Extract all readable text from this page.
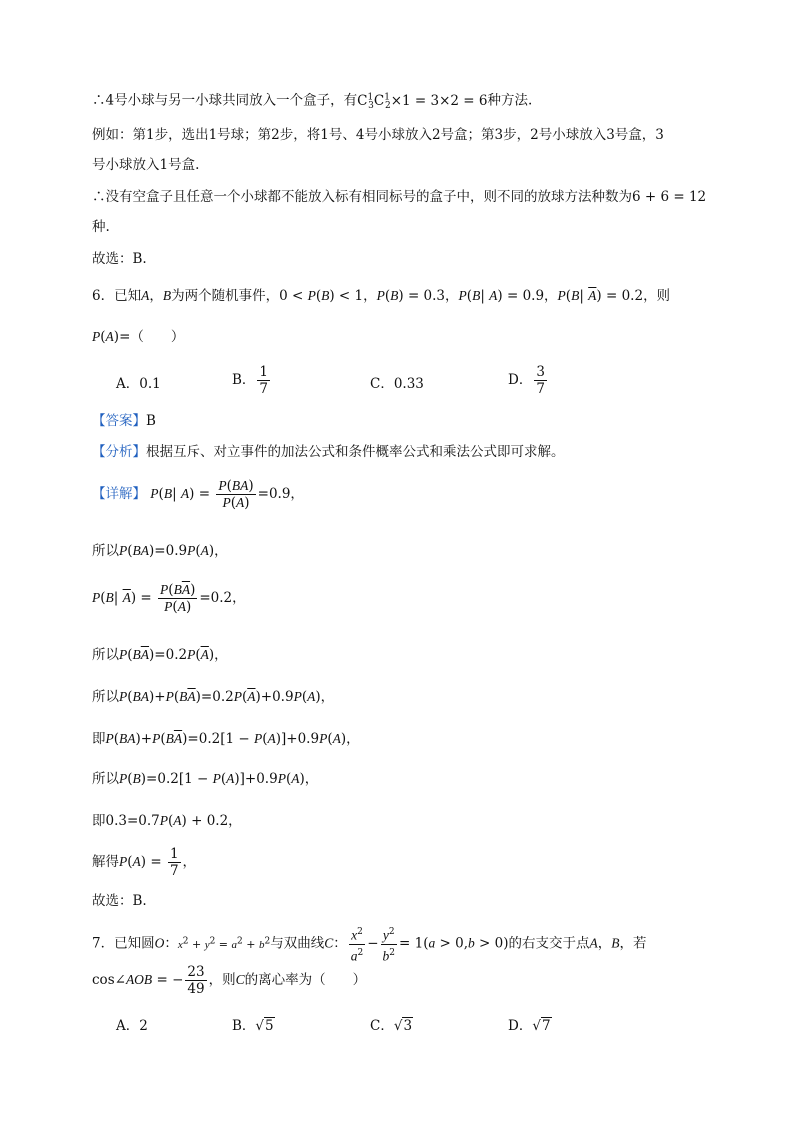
∴4号小球与另一小球共同放入一个盒子，有$C^1_3C^1_2\times 1 = 3\times 2 = 6$种方法.
例如：第1步，选出1号球；第2步，将1号、4号小球放入2号盒；第3步，2号小球放入3号盒，3
号小球放入1号盒.
∴没有空盒子且任意一个小球都不能放入标有相同标号的盒子中，则不同的放球方法种数为6 + 6 = 12
种.
故选：B.
6．已知A，B为两个随机事件，0 < P(B) < 1，P(B) = 0.3，P(B| A) = 0.9，P(B| $\overline{A}) = 0.2$，则
P(A)=（　　）
A．0.1	B． $\frac{1}{7}$	C．0.33	D． $\frac{3}{7}$
【答案】B
【分析】根据互斥、对立事件的加法公式和条件概率公式和乘法公式即可求解。
【详解】 P(B| $A) = \frac{P(BA)}{P(A)} =0.9$，
所以P(BA)=0.9P(A)，
P(B| $\overline{A}) = \frac{P(B\overline{A})}{P(\overline{A})} =0.2$，
所以$P(B\overline{A})=0.2P(\overline{A})$，
所以$P(BA)+P(B\overline{A})=0.2P(\overline{A})+0.9P(A)$，
即$P(BA)+P(B\overline{A})=0.2[1 - P(A)]+0.9P(A)$，
所以P(B)=0.2[1 − P(A)]+0.9P(A)，
即0.3=0.7P(A) + 0.2，
解得$P(A) = \frac{1}{7}$ ，
故选：B.
7．已知圆O：$x^2 + y^2 = a^2 + b^2$与双曲线C： $\frac{x^2}{a^2} - \frac{y^2}{b^2} = 1(a > 0,b > 0)$的右支交于点A，B，若
cos∠AOB = − $\frac{23}{49}$ ，则C的离心率为（　　）
A．2	B．√5	C．√3	D．√7
